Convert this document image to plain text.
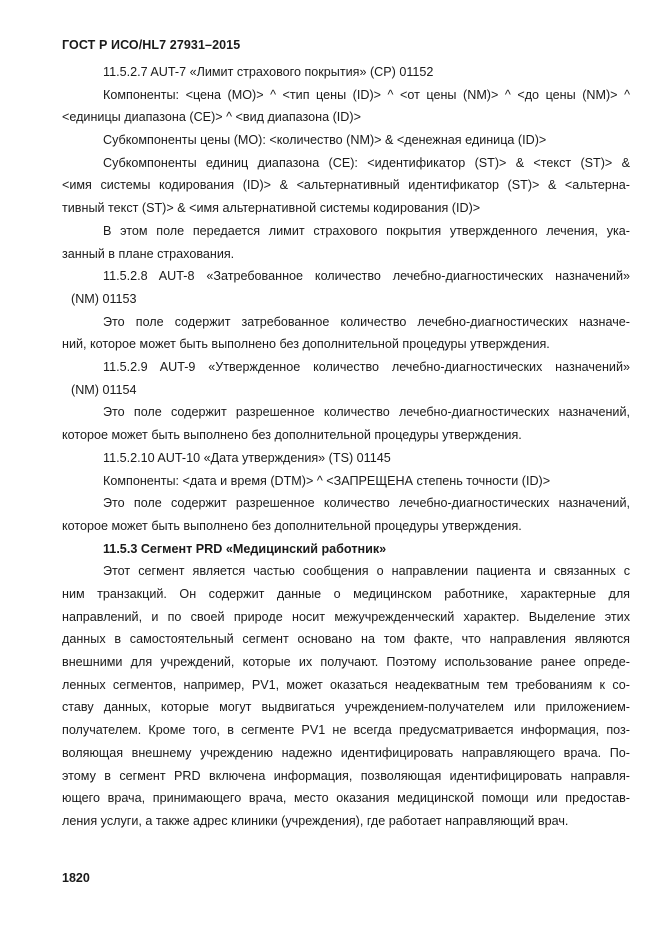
ГОСТ Р ИСО/HL7 27931–2015
11.5.2.7 AUT-7 «Лимит страхового покрытия» (CP) 01152
Компоненты: <цена (MO)> ^ <тип цены (ID)> ^ <от цены (NM)> ^ <до цены (NM)> ^
<единицы диапазона (CE)> ^ <вид диапазона (ID)>
Субкомпоненты цены (MO): <количество (NM)> & <денежная единица (ID)>
Субкомпоненты единиц диапазона (CE): <идентификатор (ST)> & <текст (ST)> &
<имя системы кодирования (ID)> & <альтернативный идентификатор (ST)> & <альтерна-
тивный текст (ST)> & <имя альтернативной системы кодирования (ID)>
В этом поле передается лимит страхового покрытия утвержденного лечения, ука-
занный в плане страхования.
11.5.2.8 AUT-8 «Затребованное количество лечебно-диагностических назначений»
(NM) 01153
Это поле содержит затребованное количество лечебно-диагностических назначе-
ний, которое может быть выполнено без дополнительной процедуры утверждения.
11.5.2.9 AUT-9 «Утвержденное количество лечебно-диагностических назначений»
(NM) 01154
Это поле содержит разрешенное количество лечебно-диагностических назначений,
которое может быть выполнено без дополнительной процедуры утверждения.
11.5.2.10 AUT-10 «Дата утверждения» (TS) 01145
Компоненты: <дата и время (DTM)> ^ <ЗАПРЕЩЕНА степень точности (ID)>
Это поле содержит разрешенное количество лечебно-диагностических назначений,
которое может быть выполнено без дополнительной процедуры утверждения.
11.5.3 Сегмент PRD «Медицинский работник»
Этот сегмент является частью сообщения о направлении пациента и связанных с
ним транзакций. Он содержит данные о медицинском работнике, характерные для
направлений, и по своей природе носит межучрежденческий характер. Выделение этих
данных в самостоятельный сегмент основано на том факте, что направления являются
внешними для учреждений, которые их получают. Поэтому использование ранее опреде-
ленных сегментов, например, PV1, может оказаться неадекватным тем требованиям к со-
ставу данных, которые могут выдвигаться учреждением-получателем или приложением-
получателем. Кроме того, в сегменте PV1 не всегда предусматривается информация, поз-
воляющая внешнему учреждению надежно идентифицировать направляющего врача. По-
этому в сегмент PRD включена информация, позволяющая идентифицировать направля-
ющего врача, принимающего врача, место оказания медицинской помощи или предостав-
ления услуги, а также адрес клиники (учреждения), где работает направляющий врач.
1820
